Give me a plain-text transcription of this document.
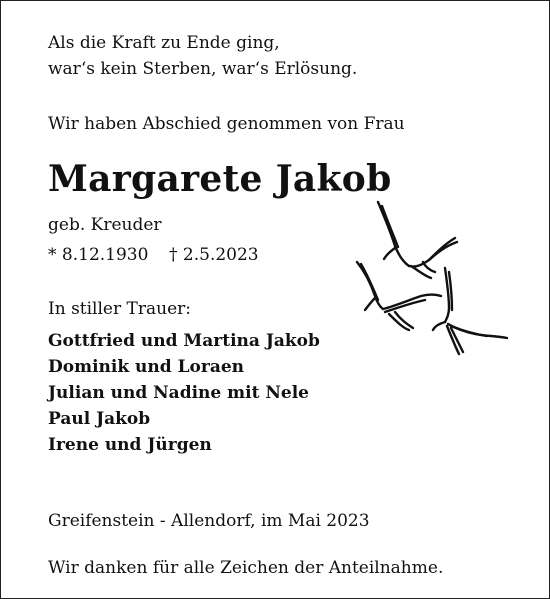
Als die Kraft zu Ende ging,
war‘s kein Sterben, war‘s Erlösung.
Wir haben Abschied genommen von Frau
Margarete Jakob
geb. Kreuder
* 8.12.1930 † 2.5.2023
In stiller Trauer:
Gottfried und Martina Jakob
Dominik und Loraen
Julian und Nadine mit Nele
Paul Jakob
Irene und Jürgen
Greifenstein - Allendorf, im Mai 2023
Wir danken für alle Zeichen der Anteilnahme.
